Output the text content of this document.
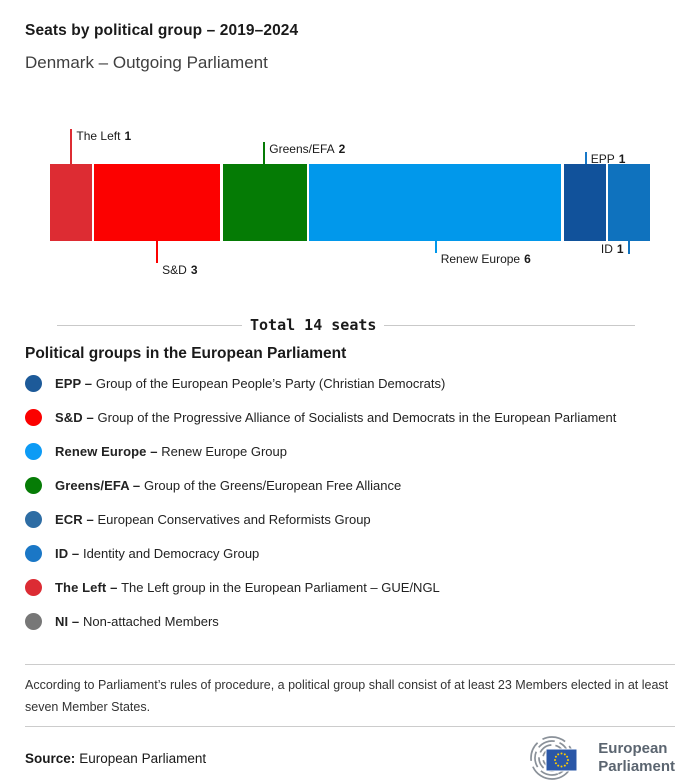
Seats by political group – 2019–2024
Denmark – Outgoing Parliament
The Left 1
S&D 3
Greens/EFA 2
Renew Europe 6
EPP 1
ID 1
Total 14 seats
Political groups in the European Parliament
EPP – Group of the European People’s Party (Christian Democrats)
S&D – Group of the Progressive Alliance of Socialists and Democrats in the European Parliament
Renew Europe – Renew Europe Group
Greens/EFA – Group of the Greens/European Free Alliance
ECR – European Conservatives and Reformists Group
ID – Identity and Democracy Group
The Left – The Left group in the European Parliament – GUE/NGL
NI – Non-attached Members
According to Parliament’s rules of procedure, a political group shall consist of at least 23 Members elected in at least seven Member States.
Source: European Parliament
European
Parliament
